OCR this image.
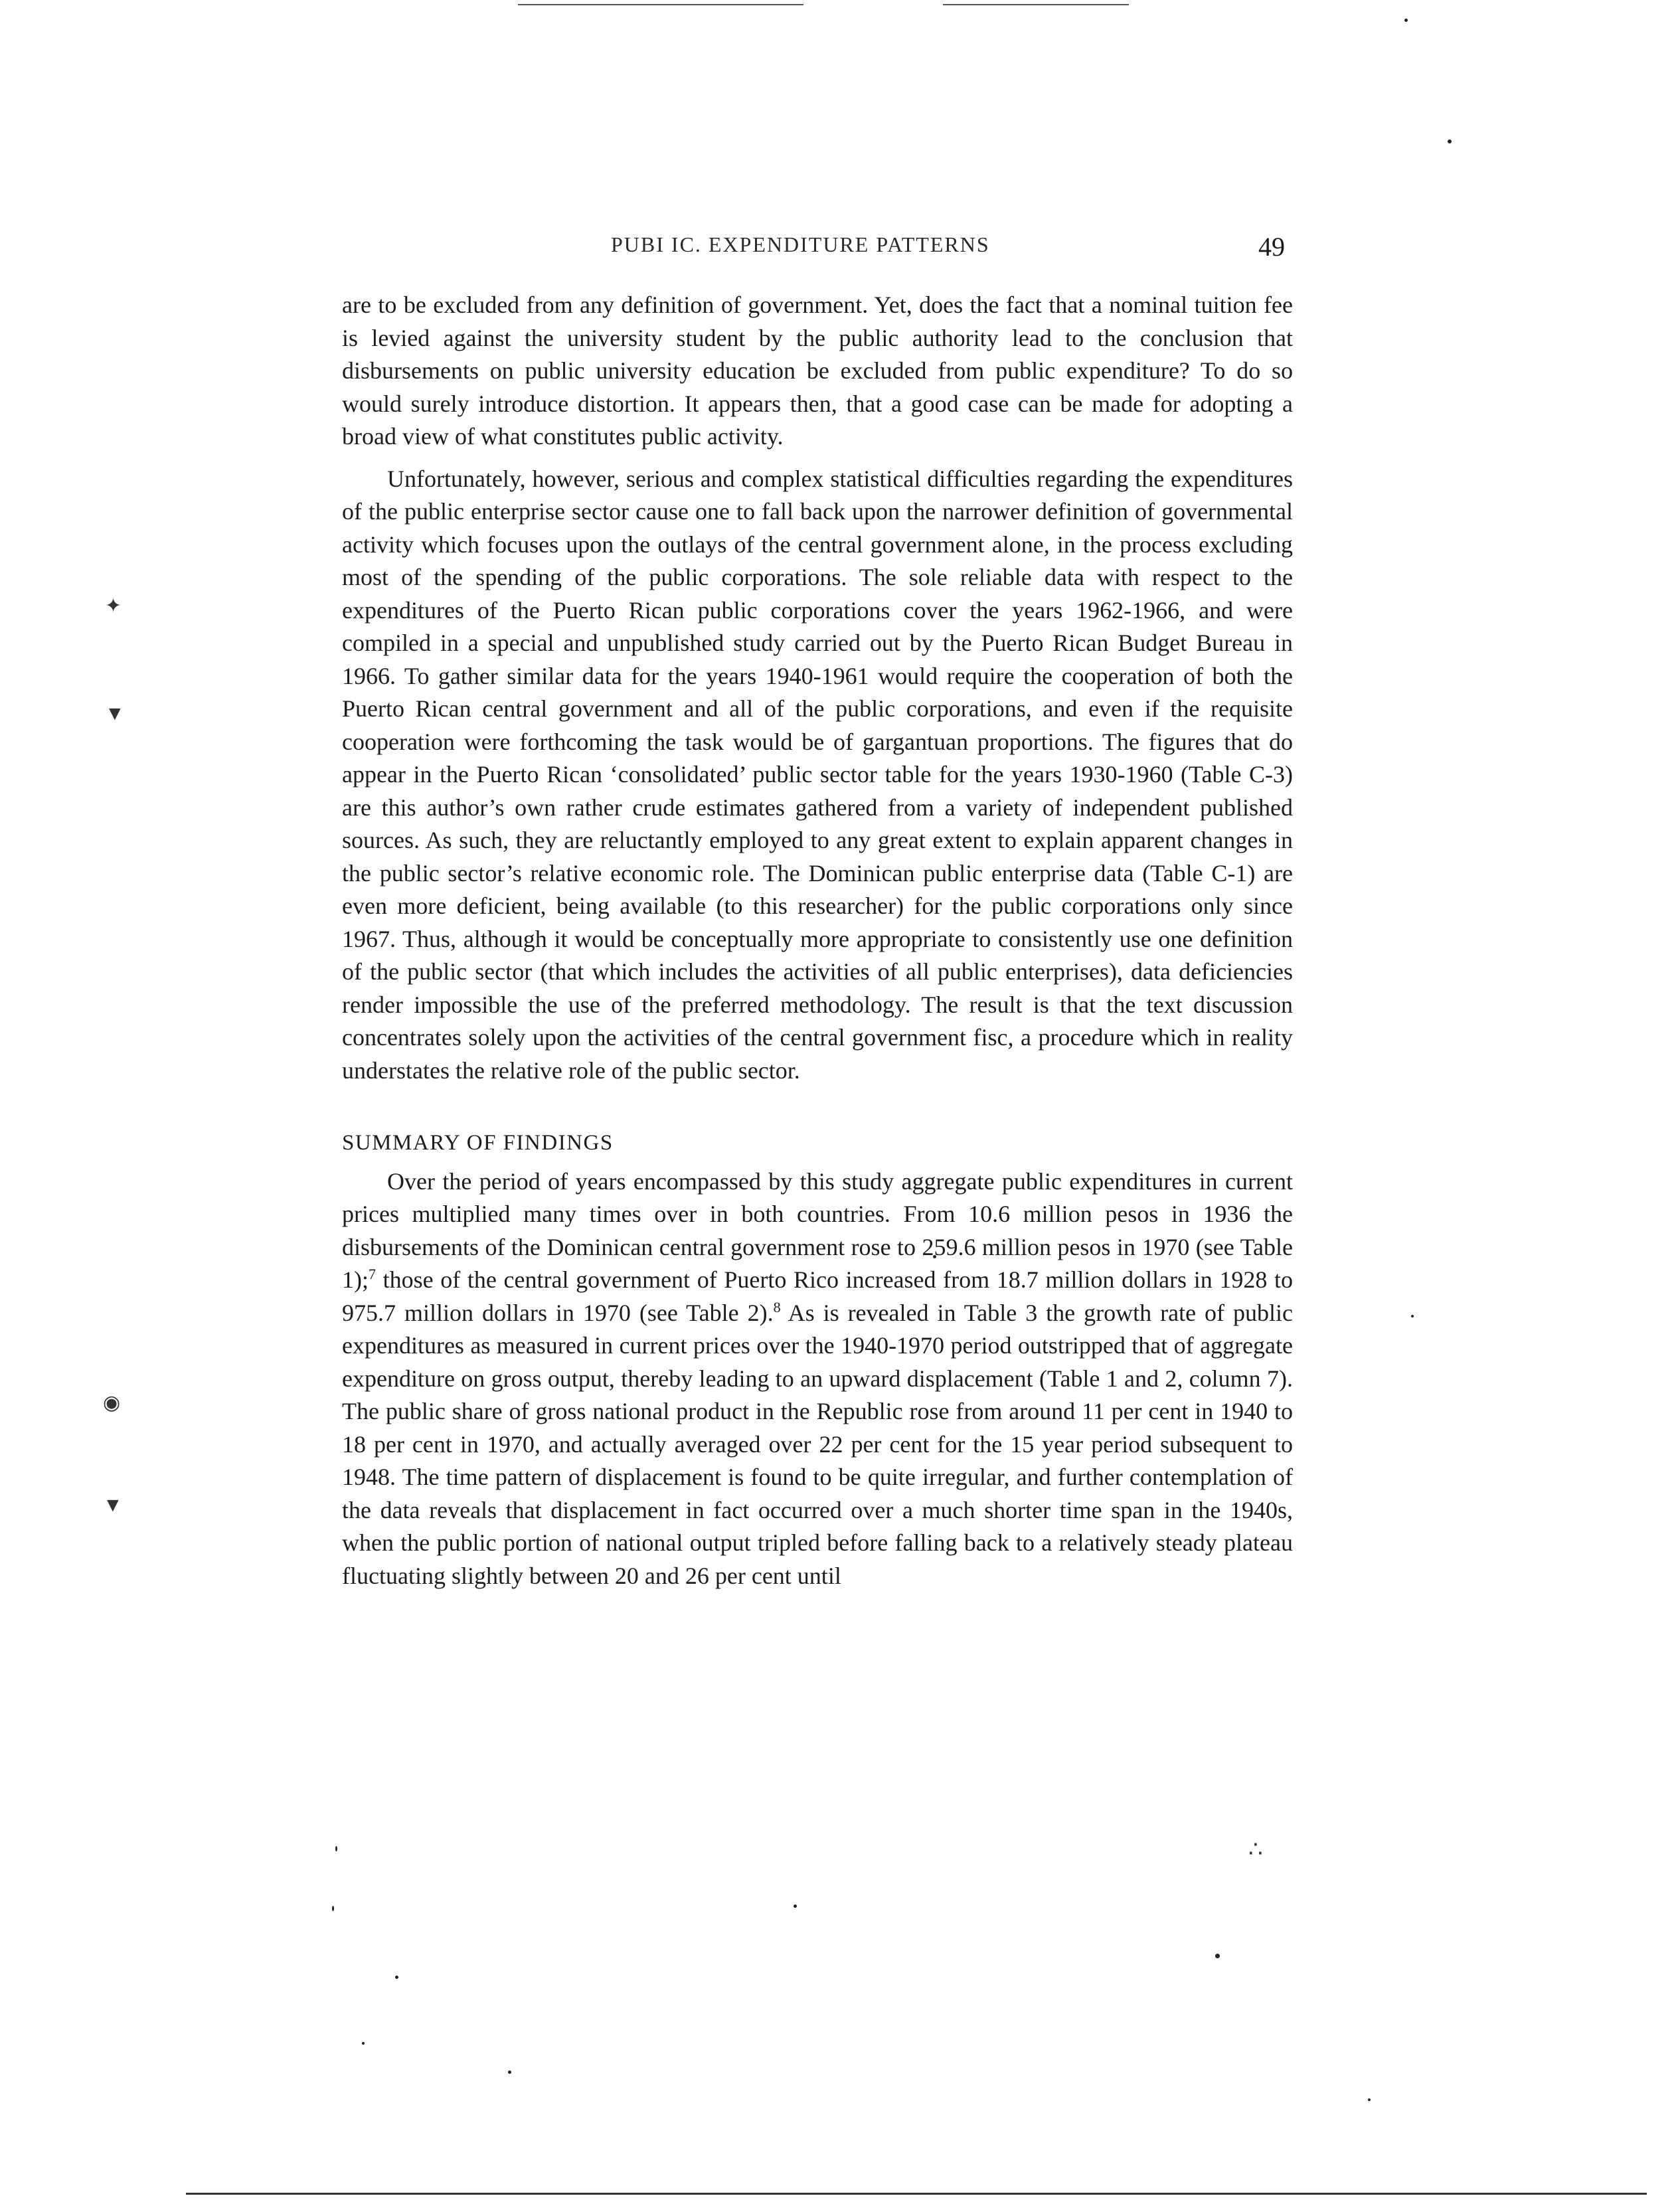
✦
▼
◉
▼
∴
PUBI IC. EXPENDITURE PATTERNS	49

are to be excluded from any definition of government. Yet, does the fact that a nominal tuition fee is levied against the university student by the public authority lead to the conclusion that disbursements on public university education be excluded from public expenditure? To do so would surely introduce distortion. It appears then, that a good case can be made for adopting a broad view of what constitutes public activity.

Unfortunately, however, serious and complex statistical difficulties regarding the expenditures of the public enterprise sector cause one to fall back upon the narrower definition of governmental activity which focuses upon the outlays of the central government alone, in the process excluding most of the spending of the public corporations. The sole reliable data with respect to the expenditures of the Puerto Rican public corporations cover the years 1962-1966, and were compiled in a special and unpublished study carried out by the Puerto Rican Budget Bureau in 1966. To gather similar data for the years 1940-1961 would require the cooperation of both the Puerto Rican central government and all of the public corporations, and even if the requisite cooperation were forthcoming the task would be of gargantuan proportions. The figures that do appear in the Puerto Rican ‘consolidated’ public sector table for the years 1930-1960 (Table C-3) are this author’s own rather crude estimates gathered from a variety of independent published sources. As such, they are reluctantly employed to any great extent to explain apparent changes in the public sector’s relative economic role. The Dominican public enterprise data (Table C-1) are even more deficient, being available (to this researcher) for the public corporations only since 1967. Thus, although it would be conceptually more appropriate to consistently use one definition of the public sector (that which includes the activities of all public enterprises), data deficiencies render impossible the use of the preferred methodology. The result is that the text discussion concentrates solely upon the activities of the central government fisc, a procedure which in reality understates the relative role of the public sector.

SUMMARY OF FINDINGS

Over the period of years encompassed by this study aggregate public expenditures in current prices multiplied many times over in both countries. From 10.6 million pesos in 1936 the disbursements of the Dominican central government rose to 259.6 million pesos in 1970 (see Table 1);$^7$ those of the central government of Puerto Rico increased from 18.7 million dollars in 1928 to 975.7 million dollars in 1970 (see Table 2).$^8$ As is revealed in Table 3 the growth rate of public expenditures as measured in current prices over the 1940-1970 period outstripped that of aggregate expenditure on gross output, thereby leading to an upward displacement (Table 1 and 2, column 7). The public share of gross national product in the Republic rose from around 11 per cent in 1940 to 18 per cent in 1970, and actually averaged over 22 per cent for the 15 year period subsequent to 1948. The time pattern of displacement is found to be quite irregular, and further contemplation of the data reveals that displacement in fact occurred over a much shorter time span in the 1940s, when the public portion of national output tripled before falling back to a relatively steady plateau fluctuating slightly between 20 and 26 per cent until
